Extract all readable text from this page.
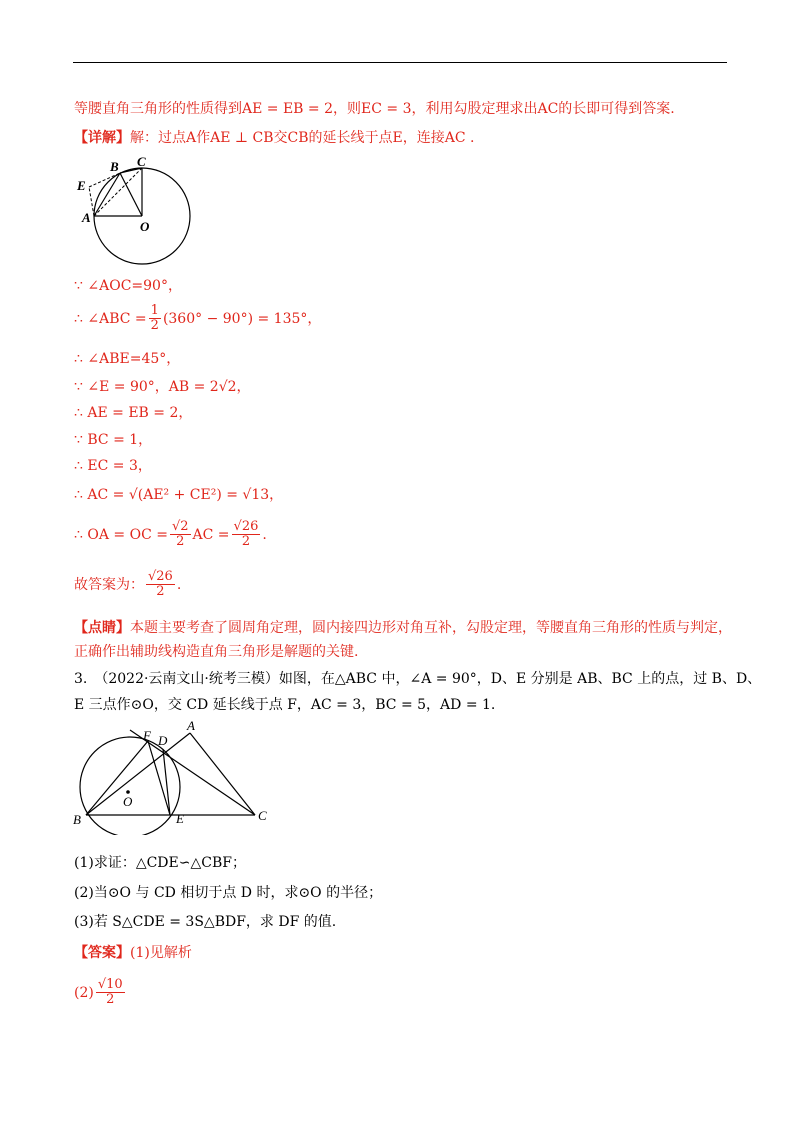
等腰直角三角形的性质得到AE = EB = 2，则EC = 3，利用勾股定理求出AC的长即可得到答案.
【详解】解：过点A作AE ⊥ CB交CB的延长线于点E，连接AC .
E
B C
A
O
∵ ∠AOC=90°，
∴ ∠ABC = $\frac{1}{2} (360^\circ - 90^\circ) = 135^\circ$，
∴ ∠ABE=45°，
∵ ∠E = 90°，AB = 2√2，
∴ AE = EB = 2，
∵ BC = 1，
∴ EC = 3，
∴ AC = √(AE² + CE²) = √13，
∴ OA = OC = $\frac{√2}{2}$ AC = $\frac{√26}{2}$ .
故答案为： $\frac{√26}{2}$ .
【点睛】本题主要考查了圆周角定理，圆内接四边形对角互补，勾股定理，等腰直角三角形的性质与判定，
正确作出辅助线构造直角三角形是解题的关键.
3.　（2022·云南文山·统考三模）如图，在△ABC 中，∠A = 90°，D、E 分别是 AB、BC 上的点，过 B、D、
E 三点作⊙O，交 CD 延长线于点 F，AC = 3，BC = 5，AD = 1.
B	C
A
E
D
F
O
(1)求证：△CDE∽△CBF；
(2)当⊙O 与 CD 相切于点 D 时，求⊙O 的半径；
(3)若 S△CDE = 3S△BDF，求 DF 的值.
【答案】(1)见解析
$(2) \frac{√10}{2}$
